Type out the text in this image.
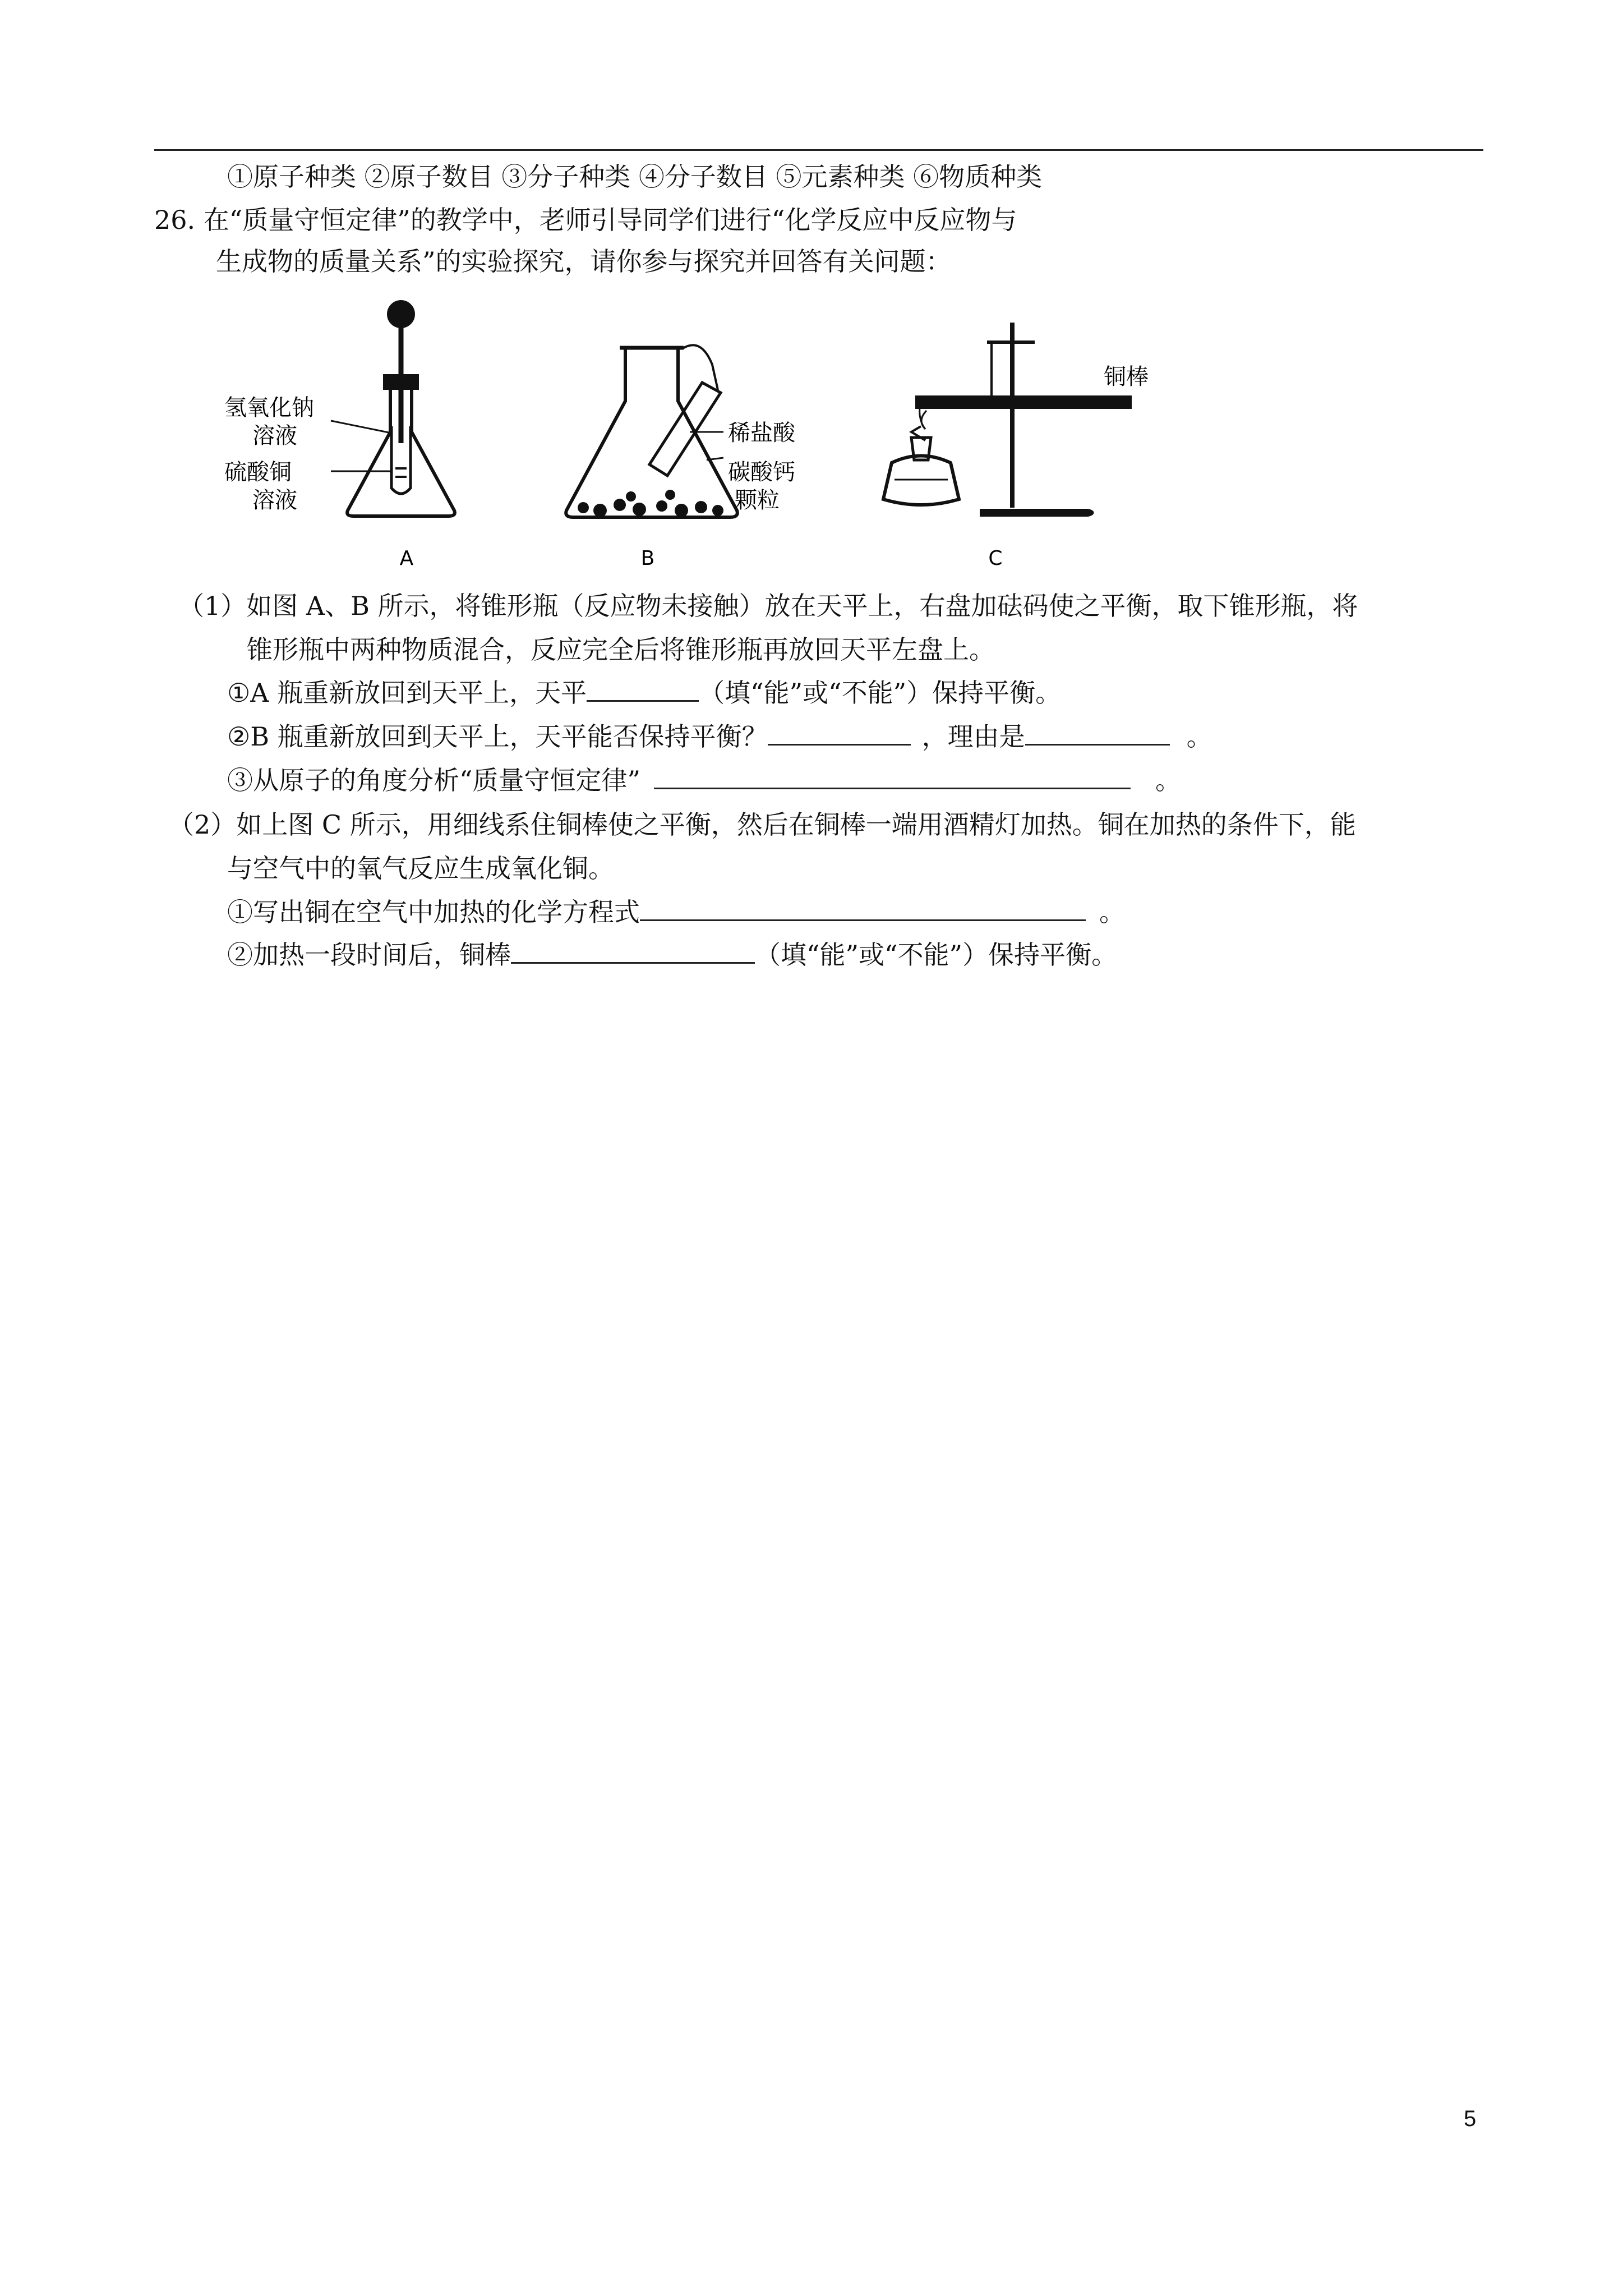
①原子种类 ②原子数目 ③分子种类 ④分子数目 ⑤元素种类 ⑥物质种类
26. 在“质量守恒定律”的教学中，老师引导同学们进行“化学反应中反应物与
生成物的质量关系”的实验探究，请你参与探究并回答有关问题：
氢氧化钠
溶液
硫酸铜
溶液
A
稀盐酸
碳酸钙
颗粒
B
铜棒
C
（1）如图 A、B 所示，将锥形瓶（反应物未接触）放在天平上，右盘加砝码使之平衡，取下锥形瓶，将
锥形瓶中两种物质混合，反应完全后将锥形瓶再放回天平左盘上。
①A 瓶重新放回到天平上，天平	（填“能”或“不能”）保持平衡。
②B 瓶重新放回到天平上，天平能否保持平衡？	，理由是	。
③从原子的角度分析“质量守恒定律”	。
（2）如上图 C 所示，用细线系住铜棒使之平衡，然后在铜棒一端用酒精灯加热。铜在加热的条件下，能
与空气中的氧气反应生成氧化铜。
①写出铜在空气中加热的化学方程式	。
②加热一段时间后，铜棒	（填“能”或“不能”）保持平衡。
5
